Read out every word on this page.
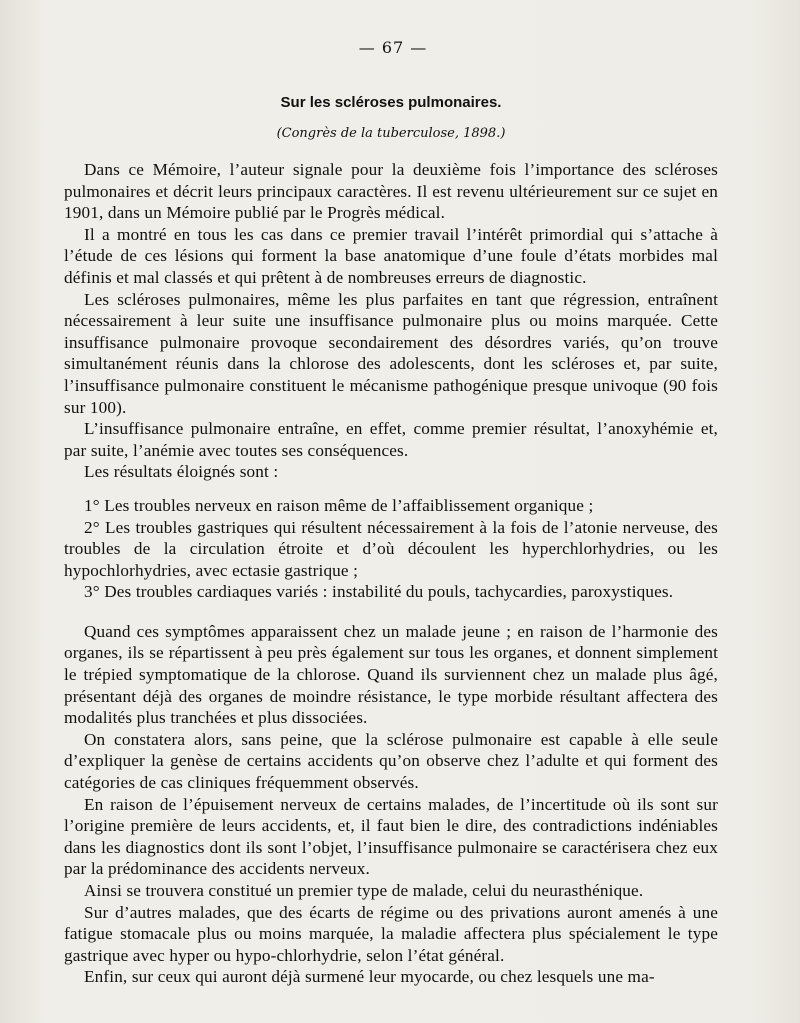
— 67 —
Sur les scléroses pulmonaires.
(Congrès de la tuberculose, 1898.)

Dans ce Mémoire, l’auteur signale pour la deuxième fois l’importance des scléroses pulmonaires et décrit leurs principaux caractères. Il est revenu ultérieurement sur ce sujet en 1901, dans un Mémoire publié par le Progrès médical.

Il a montré en tous les cas dans ce premier travail l’intérêt primordial qui s’attache à l’étude de ces lésions qui forment la base anatomique d’une foule d’états morbides mal définis et mal classés et qui prêtent à de nombreuses erreurs de diagnostic.

Les scléroses pulmonaires, même les plus parfaites en tant que régression, entraînent nécessairement à leur suite une insuffisance pulmonaire plus ou moins marquée. Cette insuffisance pulmonaire provoque secondairement des désordres variés, qu’on trouve simultanément réunis dans la chlorose des adolescents, dont les scléroses et, par suite, l’insuffisance pulmonaire constituent le mécanisme pathogénique presque univoque (90 fois sur 100).

L’insuffisance pulmonaire entraîne, en effet, comme premier résultat, l’anoxyhémie et, par suite, l’anémie avec toutes ses conséquences.

Les résultats éloignés sont :

1° Les troubles nerveux en raison même de l’affaiblissement organique ;

2° Les troubles gastriques qui résultent nécessairement à la fois de l’atonie nerveuse, des troubles de la circulation étroite et d’où découlent les hyperchlorhydries, ou les hypochlorhydries, avec ectasie gastrique ;

3° Des troubles cardiaques variés : instabilité du pouls, tachycardies, paroxystiques.

Quand ces symptômes apparaissent chez un malade jeune ; en raison de l’harmonie des organes, ils se répartissent à peu près également sur tous les organes, et donnent simplement le trépied symptomatique de la chlorose. Quand ils surviennent chez un malade plus âgé, présentant déjà des organes de moindre résistance, le type morbide résultant affectera des modalités plus tranchées et plus dissociées.

On constatera alors, sans peine, que la sclérose pulmonaire est capable à elle seule d’expliquer la genèse de certains accidents qu’on observe chez l’adulte et qui forment des catégories de cas cliniques fréquemment observés.

En raison de l’épuisement nerveux de certains malades, de l’incertitude où ils sont sur l’origine première de leurs accidents, et, il faut bien le dire, des contradictions indéniables dans les diagnostics dont ils sont l’objet, l’insuffisance pulmonaire se caractérisera chez eux par la prédominance des accidents nerveux.

Ainsi se trouvera constitué un premier type de malade, celui du neurasthénique.

Sur d’autres malades, que des écarts de régime ou des privations auront amenés à une fatigue stomacale plus ou moins marquée, la maladie affectera plus spécialement le type gastrique avec hyper ou hypo-chlorhydrie, selon l’état général.

Enfin, sur ceux qui auront déjà surmené leur myocarde, ou chez lesquels une ma-
